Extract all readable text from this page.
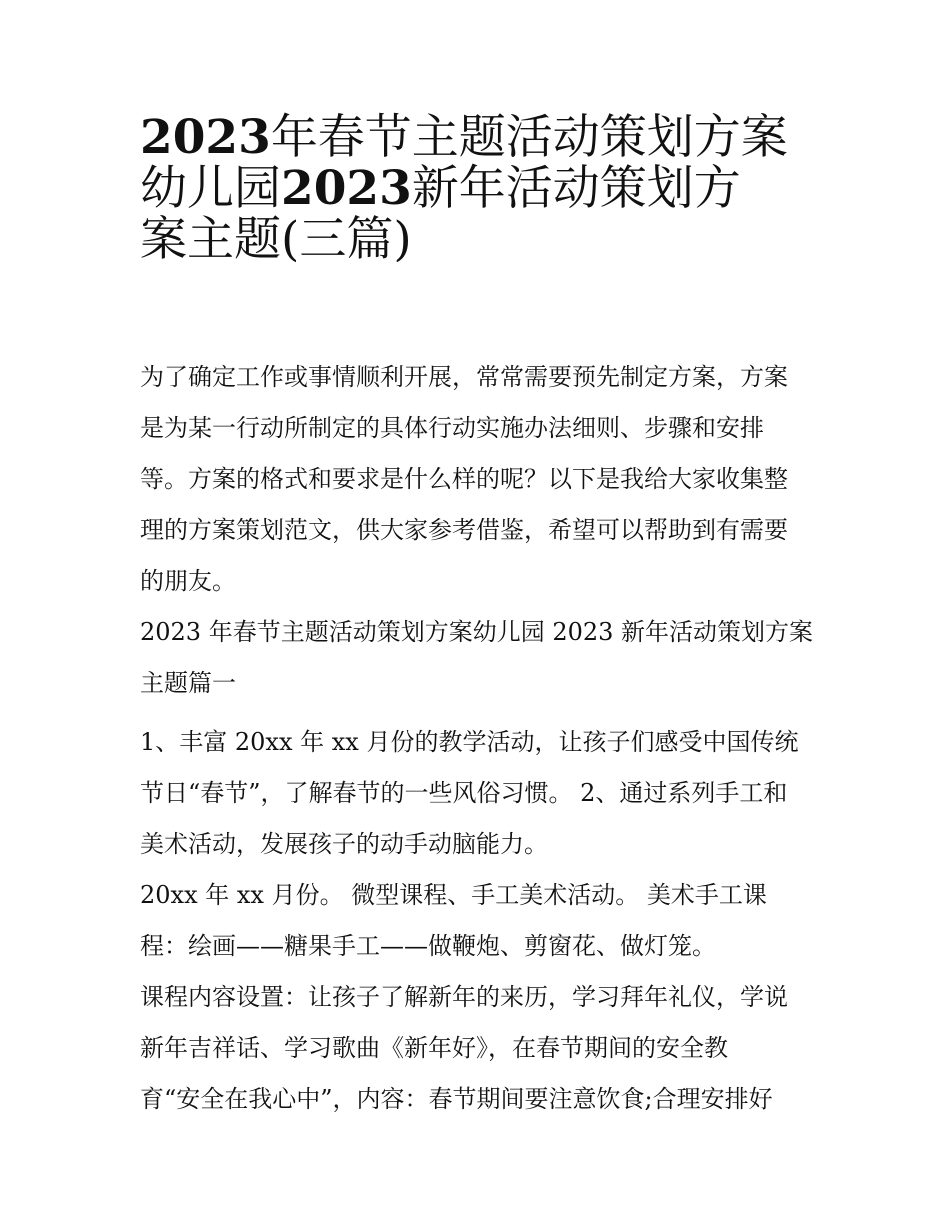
2023年春节主题活动策划方案
幼儿园2023新年活动策划方
案主题(三篇)
为了确定工作或事情顺利开展，常常需要预先制定方案，方案
是为某一行动所制定的具体行动实施办法细则、步骤和安排
等。方案的格式和要求是什么样的呢？以下是我给大家收集整
理的方案策划范文，供大家参考借鉴，希望可以帮助到有需要
的朋友。
2023 年春节主题活动策划方案幼儿园 2023 新年活动策划方案
主题篇一
1、丰富 20xx 年 xx 月份的教学活动，让孩子们感受中国传统
节日“春节”，了解春节的一些风俗习惯。 2、通过系列手工和
美术活动，发展孩子的动手动脑能力。
20xx 年 xx 月份。 微型课程、手工美术活动。 美术手工课
程：绘画——糖果手工——做鞭炮、剪窗花、做灯笼。
课程内容设置：让孩子了解新年的来历，学习拜年礼仪，学说
新年吉祥话、学习歌曲《新年好》，在春节期间的安全教
育“安全在我心中”，内容：春节期间要注意饮食;合理安排好
